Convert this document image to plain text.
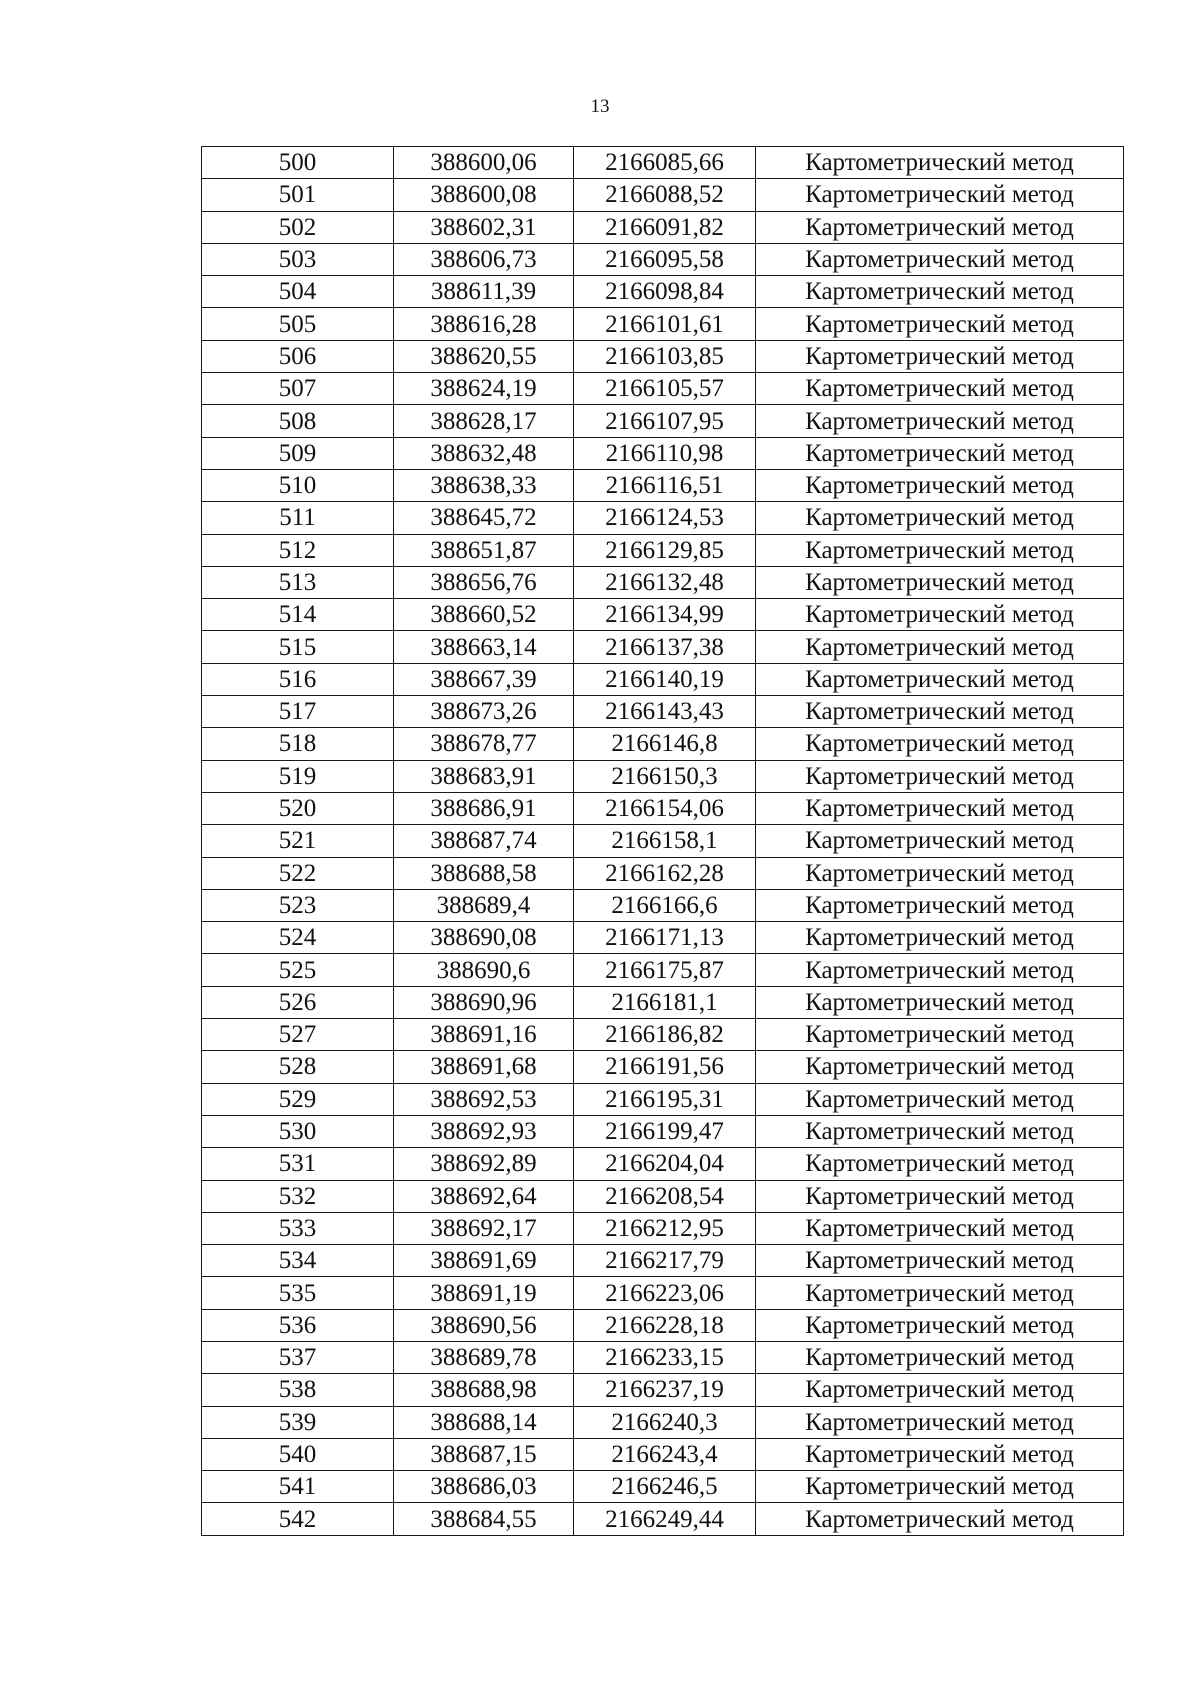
13
500	388600,06	2166085,66	Картометрический метод
501	388600,08	2166088,52	Картометрический метод
502	388602,31	2166091,82	Картометрический метод
503	388606,73	2166095,58	Картометрический метод
504	388611,39	2166098,84	Картометрический метод
505	388616,28	2166101,61	Картометрический метод
506	388620,55	2166103,85	Картометрический метод
507	388624,19	2166105,57	Картометрический метод
508	388628,17	2166107,95	Картометрический метод
509	388632,48	2166110,98	Картометрический метод
510	388638,33	2166116,51	Картометрический метод
511	388645,72	2166124,53	Картометрический метод
512	388651,87	2166129,85	Картометрический метод
513	388656,76	2166132,48	Картометрический метод
514	388660,52	2166134,99	Картометрический метод
515	388663,14	2166137,38	Картометрический метод
516	388667,39	2166140,19	Картометрический метод
517	388673,26	2166143,43	Картометрический метод
518	388678,77	2166146,8	Картометрический метод
519	388683,91	2166150,3	Картометрический метод
520	388686,91	2166154,06	Картометрический метод
521	388687,74	2166158,1	Картометрический метод
522	388688,58	2166162,28	Картометрический метод
523	388689,4	2166166,6	Картометрический метод
524	388690,08	2166171,13	Картометрический метод
525	388690,6	2166175,87	Картометрический метод
526	388690,96	2166181,1	Картометрический метод
527	388691,16	2166186,82	Картометрический метод
528	388691,68	2166191,56	Картометрический метод
529	388692,53	2166195,31	Картометрический метод
530	388692,93	2166199,47	Картометрический метод
531	388692,89	2166204,04	Картометрический метод
532	388692,64	2166208,54	Картометрический метод
533	388692,17	2166212,95	Картометрический метод
534	388691,69	2166217,79	Картометрический метод
535	388691,19	2166223,06	Картометрический метод
536	388690,56	2166228,18	Картометрический метод
537	388689,78	2166233,15	Картометрический метод
538	388688,98	2166237,19	Картометрический метод
539	388688,14	2166240,3	Картометрический метод
540	388687,15	2166243,4	Картометрический метод
541	388686,03	2166246,5	Картометрический метод
542	388684,55	2166249,44	Картометрический метод
